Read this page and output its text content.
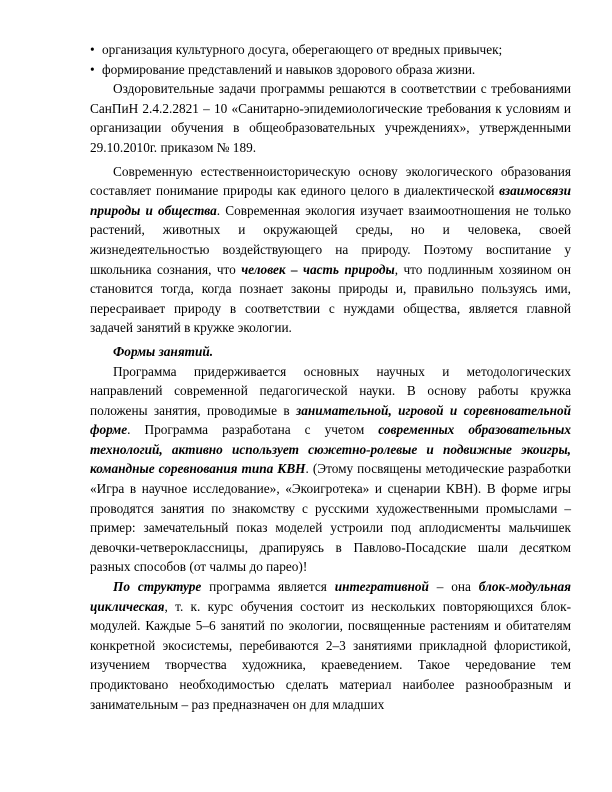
• организация культурного досуга, оберегающего от вредных привычек;
• формирование представлений и навыков здорового образа жизни.

Оздоровительные задачи программы решаются в соответствии с требованиями СанПиН 2.4.2.2821 – 10 «Санитарно-эпидемиологические требования к условиям и организации обучения в общеобразовательных учреждениях», утвержденными 29.10.2010г. приказом № 189.

Современную естественноисторическую основу экологического образования составляет понимание природы как единого целого в диалектической взаимосвязи природы и общества. Современная экология изучает взаимоотношения не только растений, животных и окружающей среды, но и человека, своей жизнедеятельностью воздействующего на природу. Поэтому воспитание у школьника сознания, что человек – часть природы, что подлинным хозяином он становится тогда, когда познает законы природы и, правильно пользуясь ими, пересраивает природу в соответствии с нуждами общества, является главной задачей занятий в кружке экологии.

Формы занятий.

Программа придерживается основных научных и методологических направлений современной педагогической науки. В основу работы кружка положены занятия, проводимые в занимательной, игровой и соревновательной форме. Программа разработана с учетом современных образовательных технологий, активно использует сюжетно-ролевые и подвижные экоигры, командные соревнования типа КВН. (Этому посвящены методические разработки «Игра в научное исследование», «Экоигротека» и сценарии КВН). В форме игры проводятся занятия по знакомству с русскими художественными промыслами – пример: замечательный показ моделей устроили под аплодисменты мальчишек девочки-четвероклассницы, драпируясь в Павлово-Посадские шали десятком разных способов (от чалмы до парео)!

По структуре программа является интегративной – она блок-модульная циклическая, т. к. курс обучения состоит из нескольких повторяющихся блок-модулей. Каждые 5–6 занятий по экологии, посвященные растениям и обитателям конкретной экосистемы, перебиваются 2–3 занятиями прикладной флористикой, изучением творчества художника, краеведением. Такое чередование тем продиктовано необходимостью сделать материал наиболее разнообразным и занимательным – раз предназначен он для младших
